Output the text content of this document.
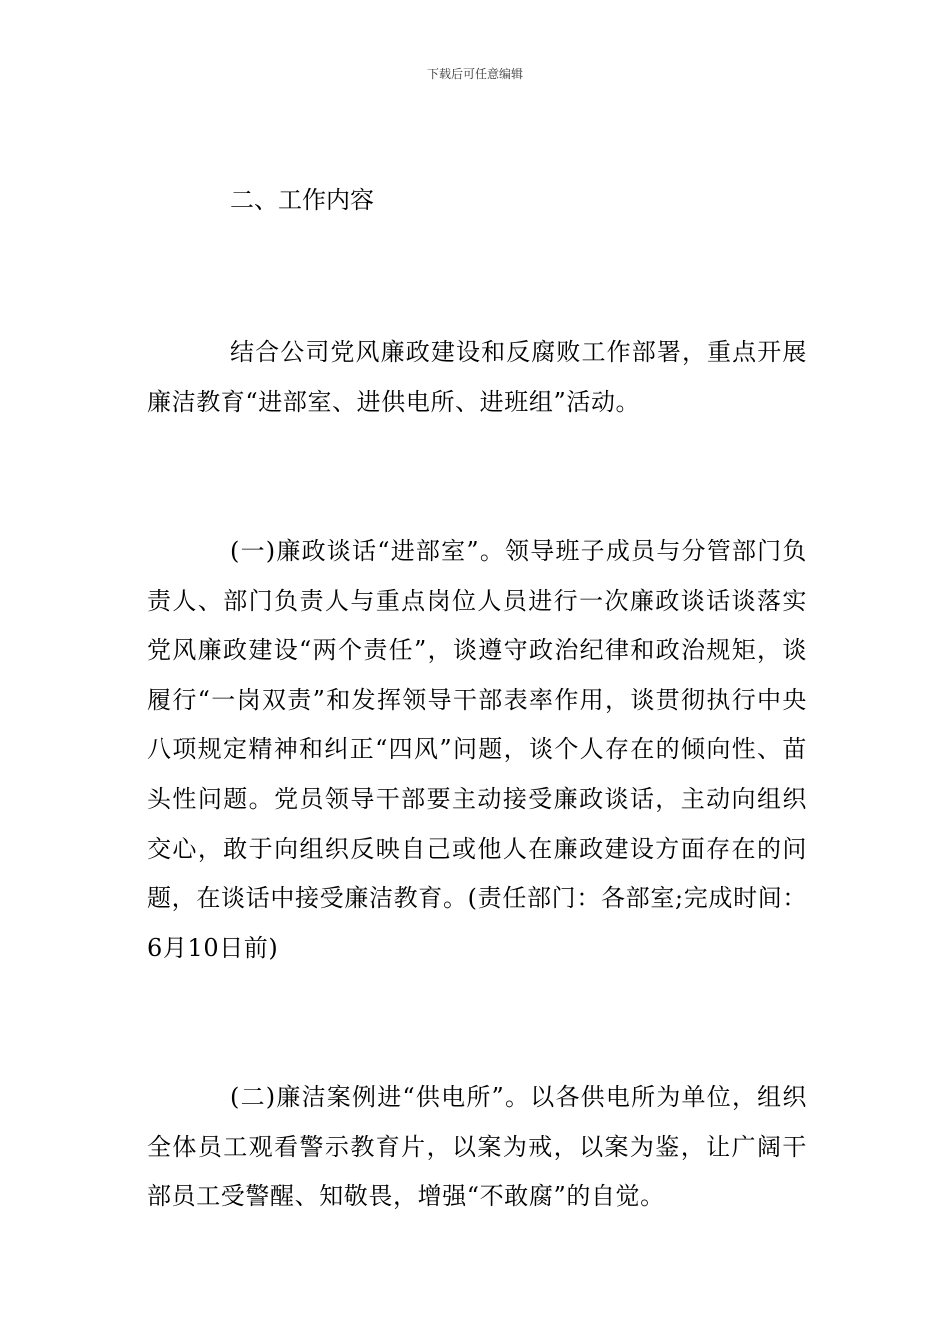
下载后可任意编辑
二、工作内容

结合公司党风廉政建设和反腐败工作部署，重点开展廉洁教育“进部室、进供电所、进班组”活动。

(一)廉政谈话“进部室”。领导班子成员与分管部门负责人、部门负责人与重点岗位人员进行一次廉政谈话谈落实党风廉政建设“两个责任”，谈遵守政治纪律和政治规矩，谈履行“一岗双责”和发挥领导干部表率作用，谈贯彻执行中央八项规定精神和纠正“四风”问题，谈个人存在的倾向性、苗头性问题。党员领导干部要主动接受廉政谈话，主动向组织交心，敢于向组织反映自己或他人在廉政建设方面存在的问题，在谈话中接受廉洁教育。(责任部门：各部室;完成时间：6月10日前)

(二)廉洁案例进“供电所”。以各供电所为单位，组织全体员工观看警示教育片，以案为戒，以案为鉴，让广阔干部员工受警醒、知敬畏，增强“不敢腐”的自觉。
